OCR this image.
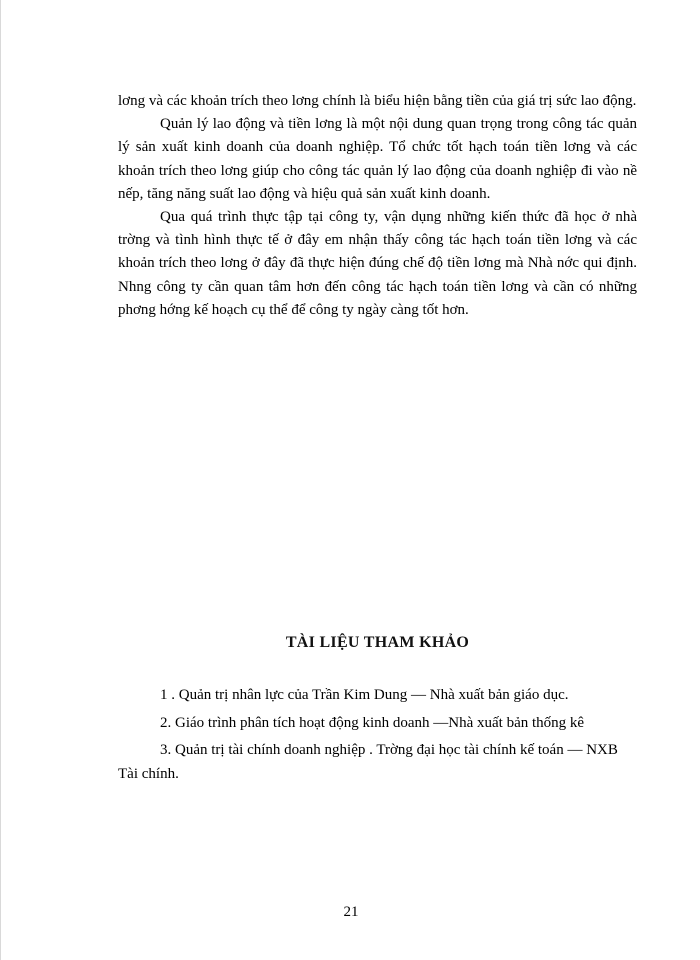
lơng và các khoản trích theo lơng chính là biểu hiện bằng tiền của giá trị sức lao động.

Quản lý lao động và tiền lơng là một nội dung quan trọng trong công tác quản lý sản xuất kinh doanh của doanh nghiệp. Tổ chức tốt hạch toán tiền lơng và các khoản trích theo lơng giúp cho công tác quản lý lao động của doanh nghiệp đi vào nề nếp, tăng năng suất lao động và hiệu quả sản xuất kinh doanh.

Qua quá trình thực tập tại công ty, vận dụng những kiến thức đã học ở nhà trờng và tình hình thực tế ở đây em nhận thấy công tác hạch toán tiền lơng và các khoản trích theo lơng ở đây đã thực hiện đúng chế độ tiền lơng mà Nhà nớc qui định. Nhng công ty cần quan tâm hơn đến công tác hạch toán tiền lơng và cần có những phơng hớng kế hoạch cụ thể để công ty ngày càng tốt hơn.

TÀI LIỆU THAM KHẢO

1 . Quản trị nhân lực của Trần Kim Dung — Nhà xuất bản giáo dục.

2. Giáo trình phân tích hoạt động kinh doanh —Nhà xuất bản thống kê

3. Quản trị tài chính doanh nghiệp . Trờng đại học tài chính kế toán — NXB Tài chính.

21
